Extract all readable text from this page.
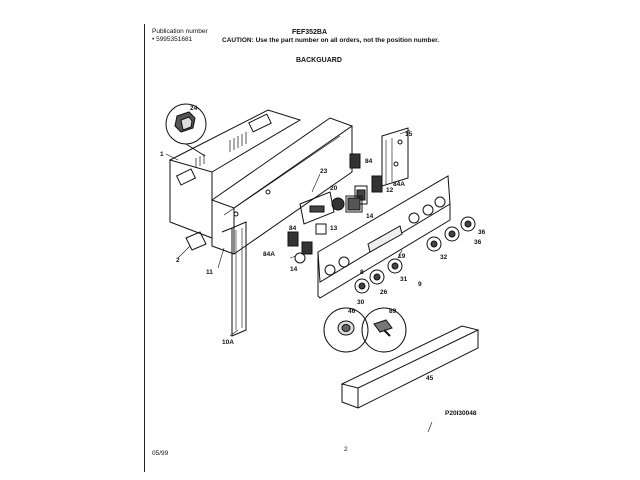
Publication number
• 5995351681
FEF352BA
CAUTION: Use the part number on all orders, not the position number.
BACKGUARD
24
1
15
12
84A
84
23
20
14
13
84
84A
14
2
11
19
8
10A
36
36
32
31
26
30
46	89
45
9
P20I30048
05/99
2
